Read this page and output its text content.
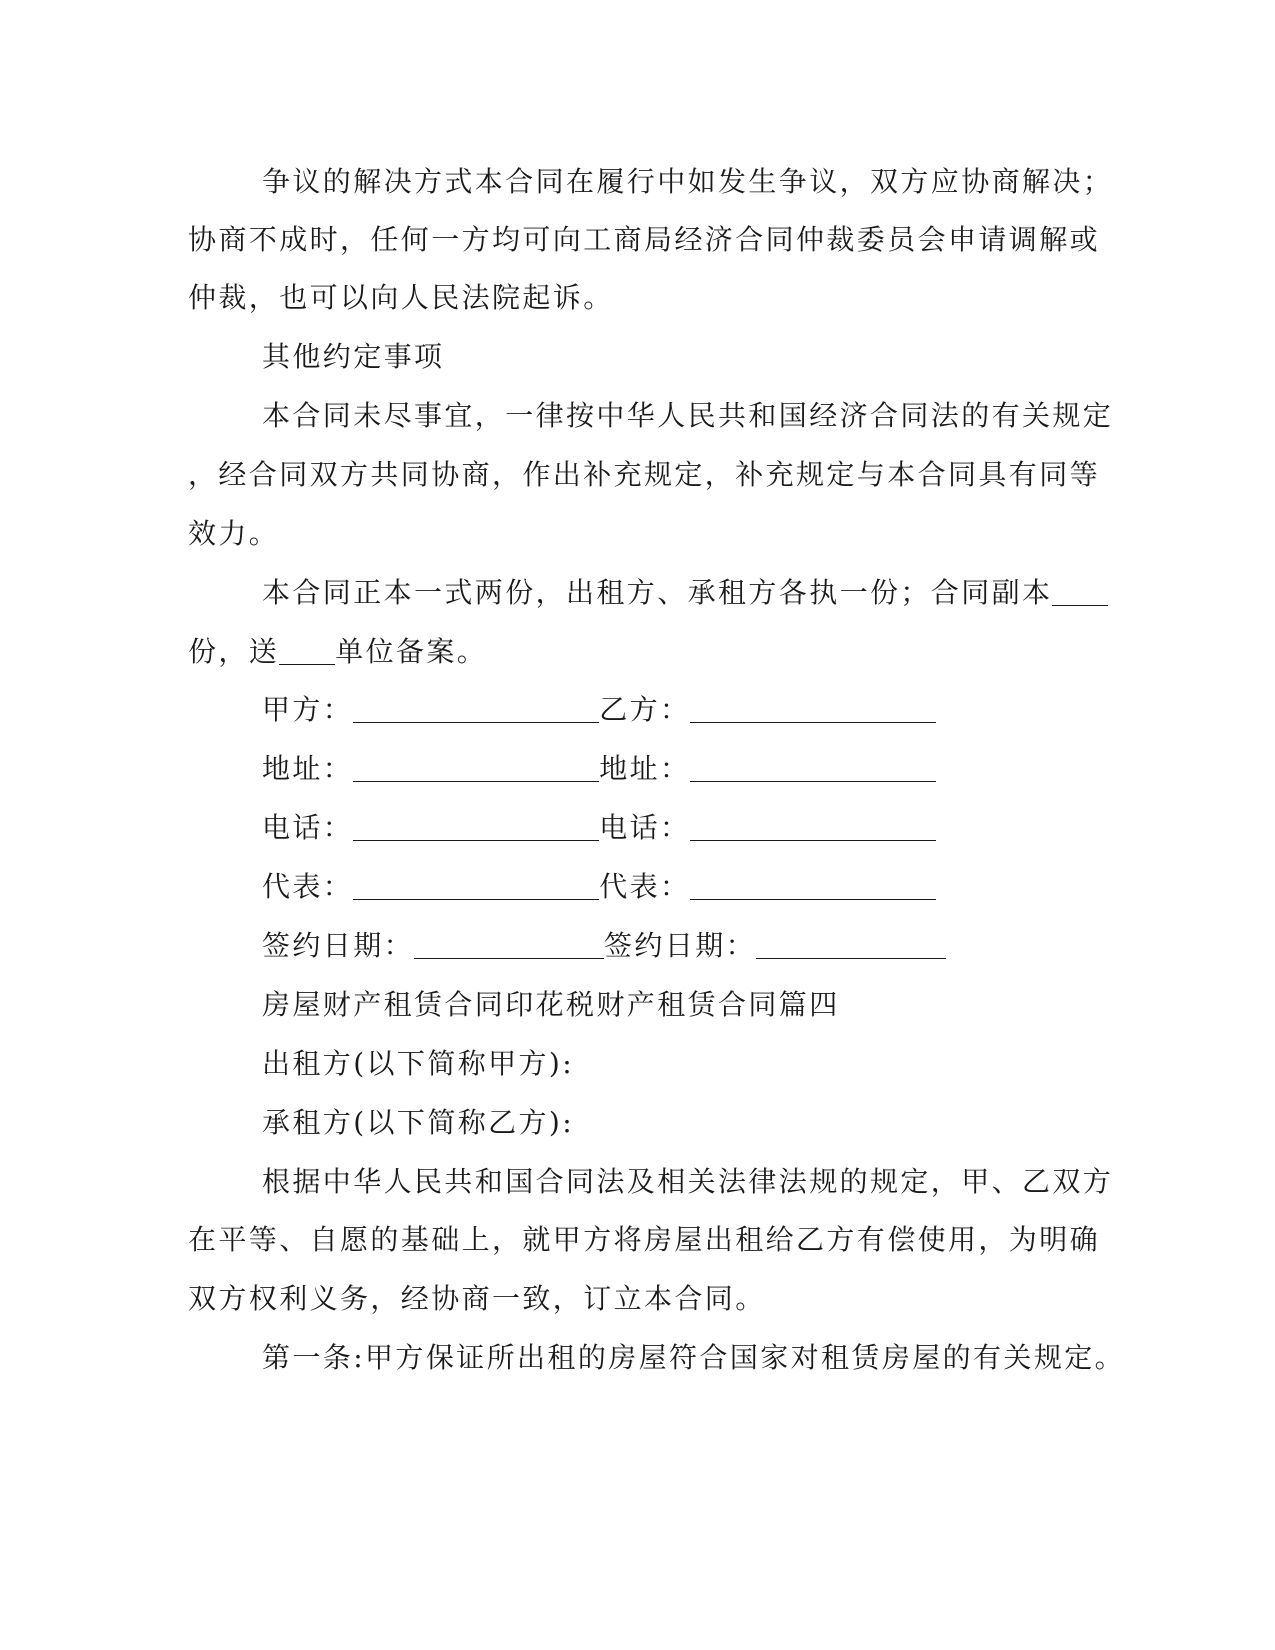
争议的解决方式本合同在履行中如发生争议，双方应协商解决；
协商不成时，任何一方均可向工商局经济合同仲裁委员会申请调解或
仲裁，也可以向人民法院起诉。
其他约定事项
本合同未尽事宜，一律按中华人民共和国经济合同法的有关规定
，经合同双方共同协商，作出补充规定，补充规定与本合同具有同等
效力。
本合同正本一式两份，出租方、承租方各执一份；合同副本
份，送 单位备案。
甲方：	乙方：
地址：	地址：
电话：	电话：
代表：	代表：
签约日期：	签约日期：
房屋财产租赁合同印花税财产租赁合同篇四
出租方(以下简称甲方):
承租方(以下简称乙方):
根据中华人民共和国合同法及相关法律法规的规定，甲、乙双方
在平等、自愿的基础上，就甲方将房屋出租给乙方有偿使用，为明确
双方权利义务，经协商一致，订立本合同。
第一条:甲方保证所出租的房屋符合国家对租赁房屋的有关规定。
